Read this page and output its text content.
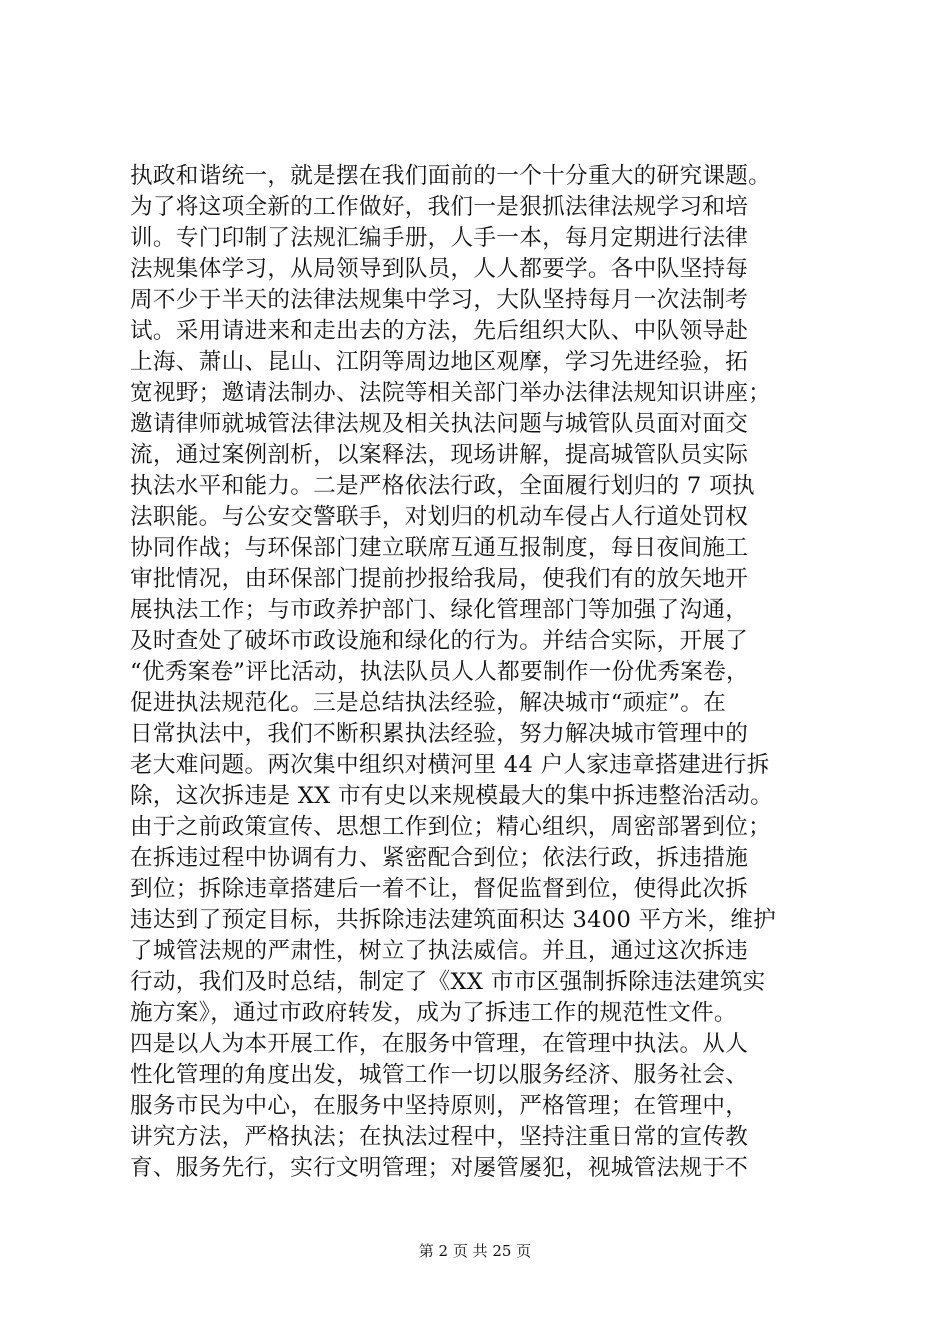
执政和谐统一，就是摆在我们面前的一个十分重大的研究课题。
为了将这项全新的工作做好，我们一是狠抓法律法规学习和培
训。专门印制了法规汇编手册，人手一本，每月定期进行法律
法规集体学习，从局领导到队员，人人都要学。各中队坚持每
周不少于半天的法律法规集中学习，大队坚持每月一次法制考
试。采用请进来和走出去的方法，先后组织大队、中队领导赴
上海、萧山、昆山、江阴等周边地区观摩，学习先进经验，拓
宽视野；邀请法制办、法院等相关部门举办法律法规知识讲座；
邀请律师就城管法律法规及相关执法问题与城管队员面对面交
流，通过案例剖析，以案释法，现场讲解，提高城管队员实际
执法水平和能力。二是严格依法行政，全面履行划归的 7 项执
法职能。与公安交警联手，对划归的机动车侵占人行道处罚权
协同作战；与环保部门建立联席互通互报制度，每日夜间施工
审批情况，由环保部门提前抄报给我局，使我们有的放矢地开
展执法工作；与市政养护部门、绿化管理部门等加强了沟通，
及时查处了破坏市政设施和绿化的行为。并结合实际，开展了
“优秀案卷”评比活动，执法队员人人都要制作一份优秀案卷，
促进执法规范化。三是总结执法经验，解决城市“顽症”。在
日常执法中，我们不断积累执法经验，努力解决城市管理中的
老大难问题。两次集中组织对横河里 44 户人家违章搭建进行拆
除，这次拆违是 XX 市有史以来规模最大的集中拆违整治活动。
由于之前政策宣传、思想工作到位；精心组织，周密部署到位；
在拆违过程中协调有力、紧密配合到位；依法行政，拆违措施
到位；拆除违章搭建后一着不让，督促监督到位，使得此次拆
违达到了预定目标，共拆除违法建筑面积达 3400 平方米，维护
了城管法规的严肃性，树立了执法威信。并且，通过这次拆违
行动，我们及时总结，制定了《XX 市市区强制拆除违法建筑实
施方案》，通过市政府转发，成为了拆违工作的规范性文件。
四是以人为本开展工作，在服务中管理，在管理中执法。从人
性化管理的角度出发，城管工作一切以服务经济、服务社会、
服务市民为中心，在服务中坚持原则，严格管理；在管理中，
讲究方法，严格执法；在执法过程中，坚持注重日常的宣传教
育、服务先行，实行文明管理；对屡管屡犯，视城管法规于不
第 2 页 共 25 页
